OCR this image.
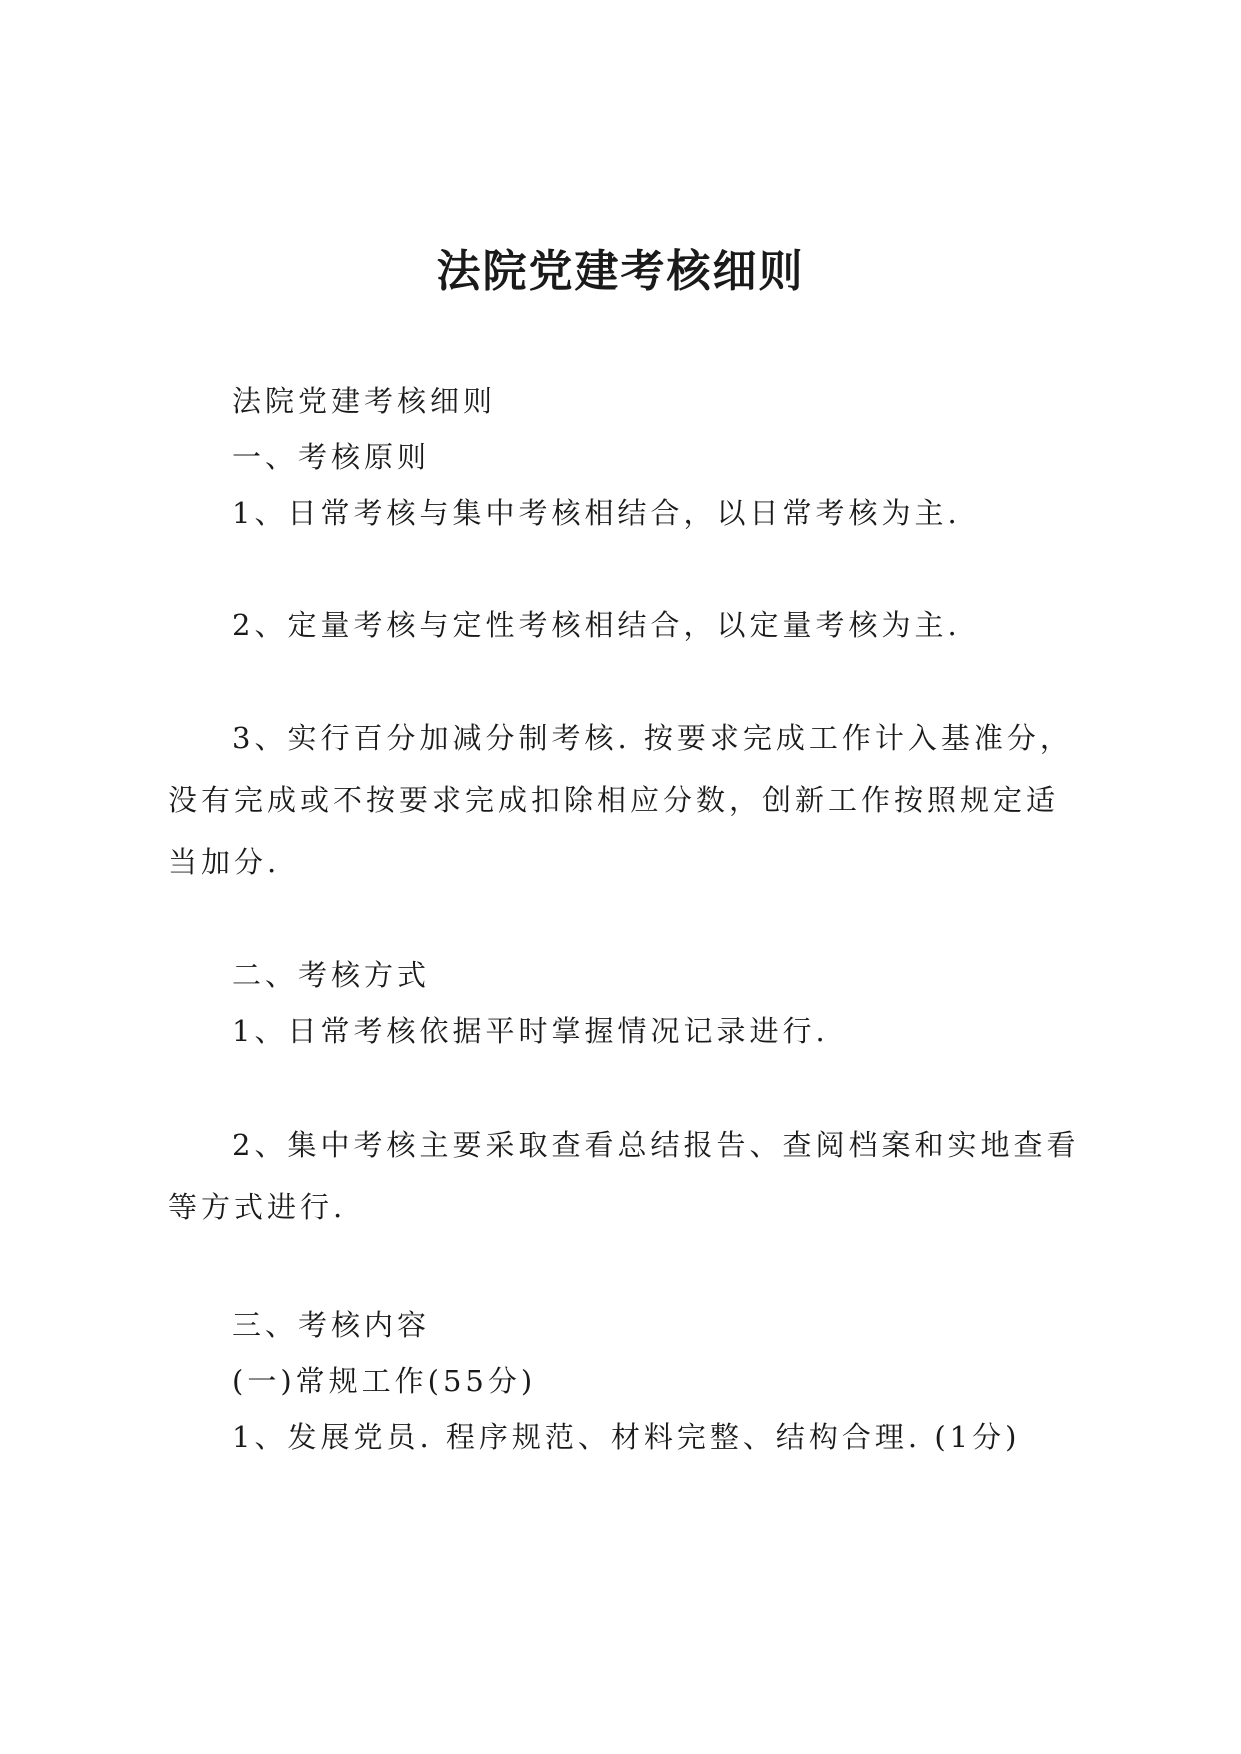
法院党建考核细则

法院党建考核细则

一、考核原则

1、日常考核与集中考核相结合，以日常考核为主.

2、定量考核与定性考核相结合，以定量考核为主.

3、实行百分加减分制考核. 按要求完成工作计入基准分，没有完成或不按要求完成扣除相应分数，创新工作按照规定适当加分.

二、考核方式

1、日常考核依据平时掌握情况记录进行.

2、集中考核主要采取查看总结报告、查阅档案和实地查看等方式进行.

三、考核内容

(一)常规工作(55分)

1、发展党员. 程序规范、材料完整、结构合理. (1分)
